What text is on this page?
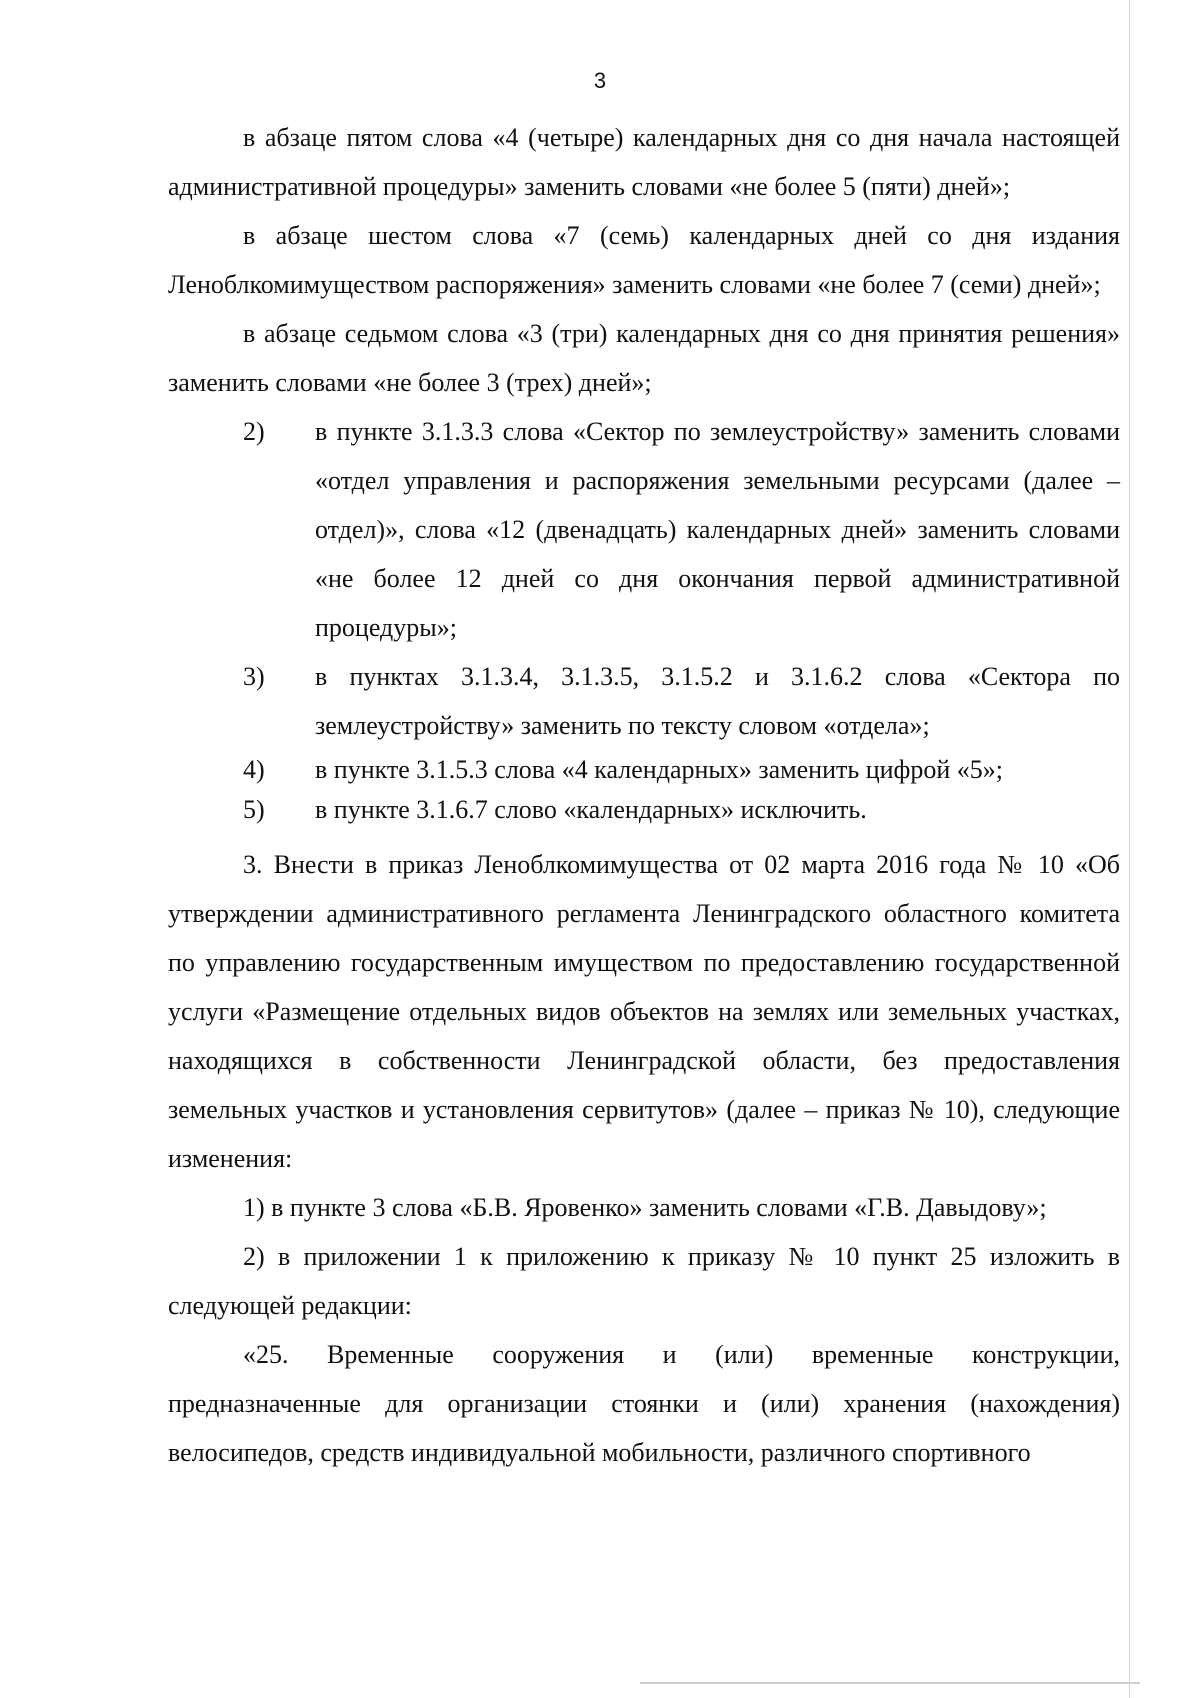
3

в абзаце пятом слова «4 (четыре) календарных дня со дня начала настоящей административной процедуры» заменить словами «не более 5 (пяти) дней»;

в абзаце шестом слова «7 (семь) календарных дней со дня издания Леноблкомимуществом распоряжения» заменить словами «не более 7 (семи) дней»;

в абзаце седьмом слова «3 (три) календарных дня со дня принятия решения» заменить словами «не более 3 (трех) дней»;

2)	в пункте 3.1.3.3 слова «Сектор по землеустройству» заменить словами «отдел управления и распоряжения земельными ресурсами (далее – отдел)», слова «12 (двенадцать) календарных дней» заменить словами «не более 12 дней со дня окончания первой административной процедуры»;
3)	в пунктах 3.1.3.4, 3.1.3.5, 3.1.5.2 и 3.1.6.2 слова «Сектора по землеустройству» заменить по тексту словом «отдела»;
4)	в пункте 3.1.5.3 слова «4 календарных» заменить цифрой «5»;
5)	в пункте 3.1.6.7 слово «календарных» исключить.

3. Внести в приказ Леноблкомимущества от 02 марта 2016 года № 10 «Об утверждении административного регламента Ленинградского областного комитета по управлению государственным имуществом по предоставлению государственной услуги «Размещение отдельных видов объектов на землях или земельных участках, находящихся в собственности Ленинградской области, без предоставления земельных участков и установления сервитутов» (далее – приказ № 10), следующие изменения:

1) в пункте 3 слова «Б.В. Яровенко» заменить словами «Г.В. Давыдову»;

2) в приложении 1 к приложению к приказу № 10 пункт 25 изложить в следующей редакции:

«25. Временные сооружения и (или) временные конструкции, предназначенные для организации стоянки и (или) хранения (нахождения) велосипедов, средств индивидуальной мобильности, различного спортивного
